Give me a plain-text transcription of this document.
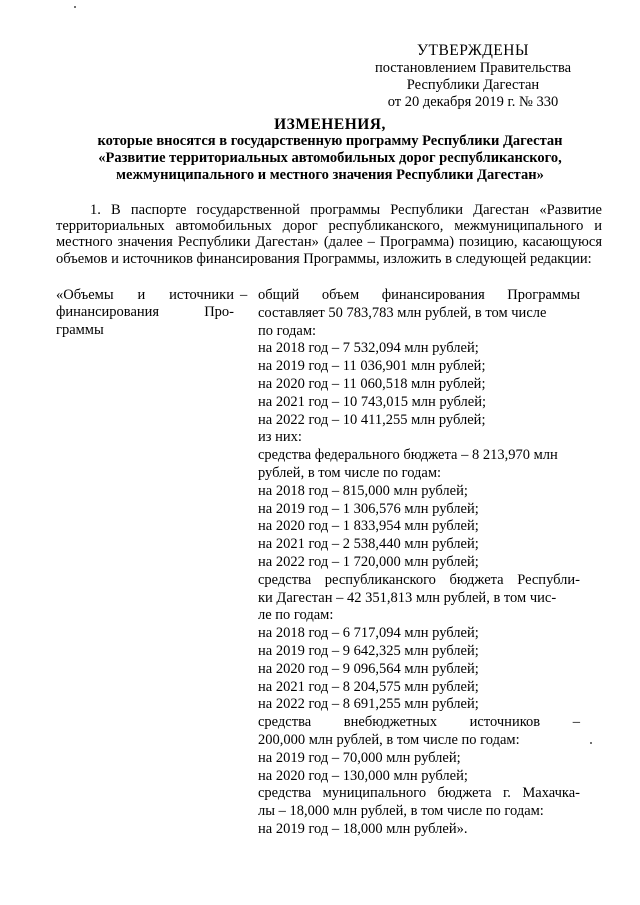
УТВЕРЖДЕНЫ
постановлением Правительства
Республики Дагестан
от 20 декабря 2019 г. № 330
ИЗМЕНЕНИЯ,
которые вносятся в государственную программу Республики Дагестан
«Развитие территориальных автомобильных дорог республиканского,
межмуниципального и местного значения Республики Дагестан»
1. В паспорте государственной программы Республики Дагестан «Развитие территориальных автомобильных дорог республиканского, межмуниципального и местного значения Республики Дагестан» (далее – Программа) позицию, касающуюся объемов и источников финансирования Программы, изложить в следующей редакции:
«Объемы и источники
финансирования	Про-
граммы
– общий объем финансирования Программы
составляет 50 783,783 млн рублей, в том числе
по годам:
на 2018 год – 7 532,094 млн рублей;
на 2019 год – 11 036,901 млн рублей;
на 2020 год – 11 060,518 млн рублей;
на 2021 год – 10 743,015 млн рублей;
на 2022 год – 10 411,255 млн рублей;
из них:
средства федерального бюджета – 8 213,970 млн
рублей, в том числе по годам:
на 2018 год – 815,000 млн рублей;
на 2019 год – 1 306,576 млн рублей;
на 2020 год – 1 833,954 млн рублей;
на 2021 год – 2 538,440 млн рублей;
на 2022 год – 1 720,000 млн рублей;
средства республиканского бюджета Республи-
ки Дагестан – 42 351,813 млн рублей, в том чис-
ле по годам:
на 2018 год – 6 717,094 млн рублей;
на 2019 год – 9 642,325 млн рублей;
на 2020 год – 9 096,564 млн рублей;
на 2021 год – 8 204,575 млн рублей;
на 2022 год – 8 691,255 млн рублей;
средства внебюджетных источников –
200,000 млн рублей, в том числе по годам:
на 2019 год – 70,000 млн рублей;
на 2020 год – 130,000 млн рублей;
средства муниципального бюджета г. Махачка-
лы – 18,000 млн рублей, в том числе по годам:
на 2019 год – 18,000 млн рублей».
